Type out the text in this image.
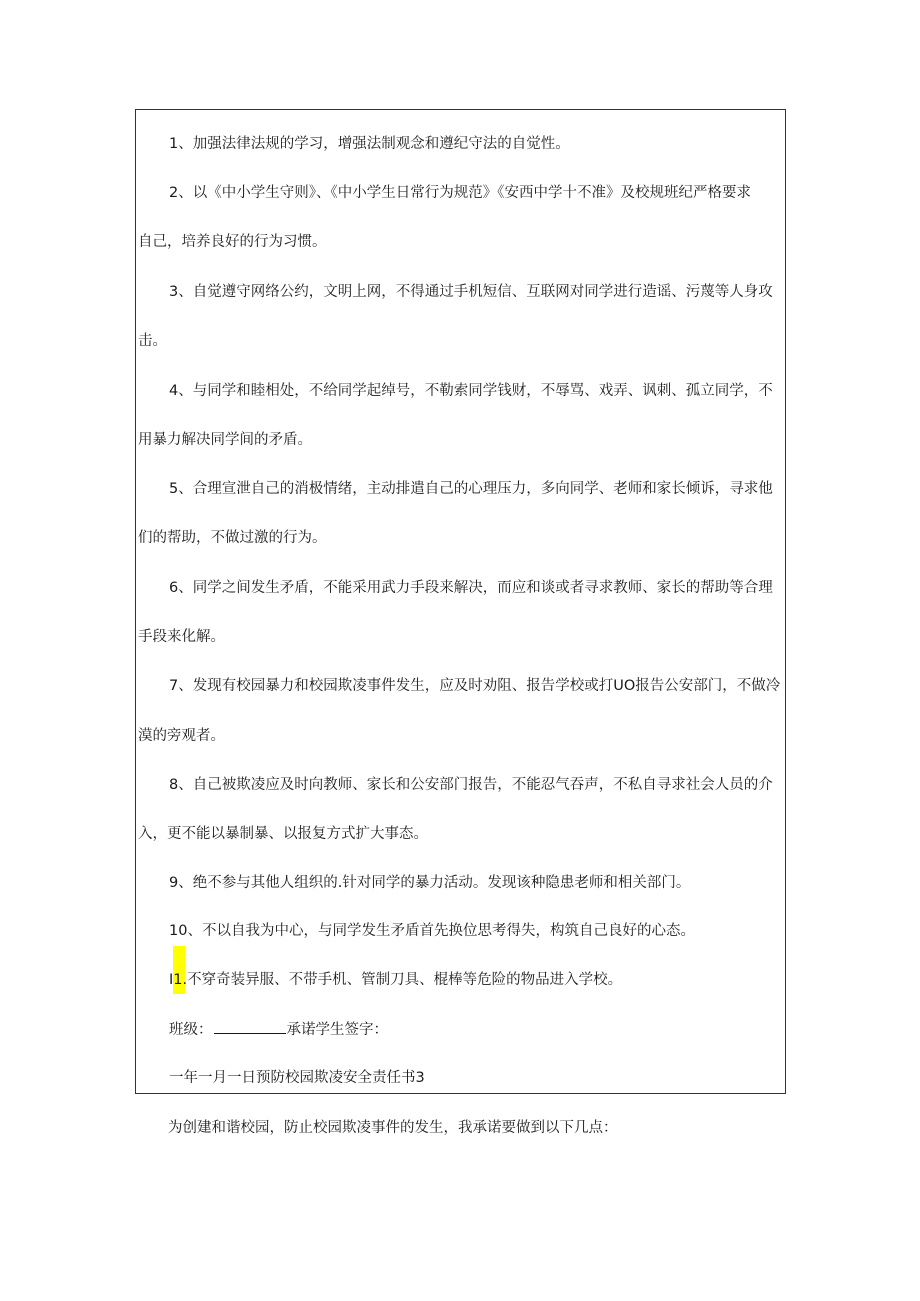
1、加强法律法规的学习，增强法制观念和遵纪守法的自觉性。
2、以《中小学生守则》、《中小学生日常行为规范》《安西中学十不准》及校规班纪严格要求
自己，培养良好的行为习惯。
3、自觉遵守网络公约，文明上网，不得通过手机短信、互联网对同学进行造谣、污蔑等人身攻
击。
4、与同学和睦相处，不给同学起绰号，不勒索同学钱财，不辱骂、戏弄、讽刺、孤立同学，不
用暴力解决同学间的矛盾。
5、合理宣泄自己的消极情绪，主动排遣自己的心理压力，多向同学、老师和家长倾诉，寻求他
们的帮助，不做过激的行为。
6、同学之间发生矛盾，不能采用武力手段来解决，而应和谈或者寻求教师、家长的帮助等合理
手段来化解。
7、发现有校园暴力和校园欺凌事件发生，应及时劝阻、报告学校或打UO报告公安部门，不做冷
漠的旁观者。
8、自己被欺凌应及时向教师、家长和公安部门报告，不能忍气吞声，不私自寻求社会人员的介
入，更不能以暴制暴、以报复方式扩大事态。
9、绝不参与其他人组织的.针对同学的暴力活动。发现该种隐患老师和相关部门。
10、不以自我为中心，与同学发生矛盾首先换位思考得失，构筑自己良好的心态。
I1.不穿奇装异服、不带手机、管制刀具、棍棒等危险的物品进入学校。
班级：	承诺学生签字：
一年一月一日预防校园欺凌安全责任书3
为创建和谐校园，防止校园欺凌事件的发生，我承诺要做到以下几点：
